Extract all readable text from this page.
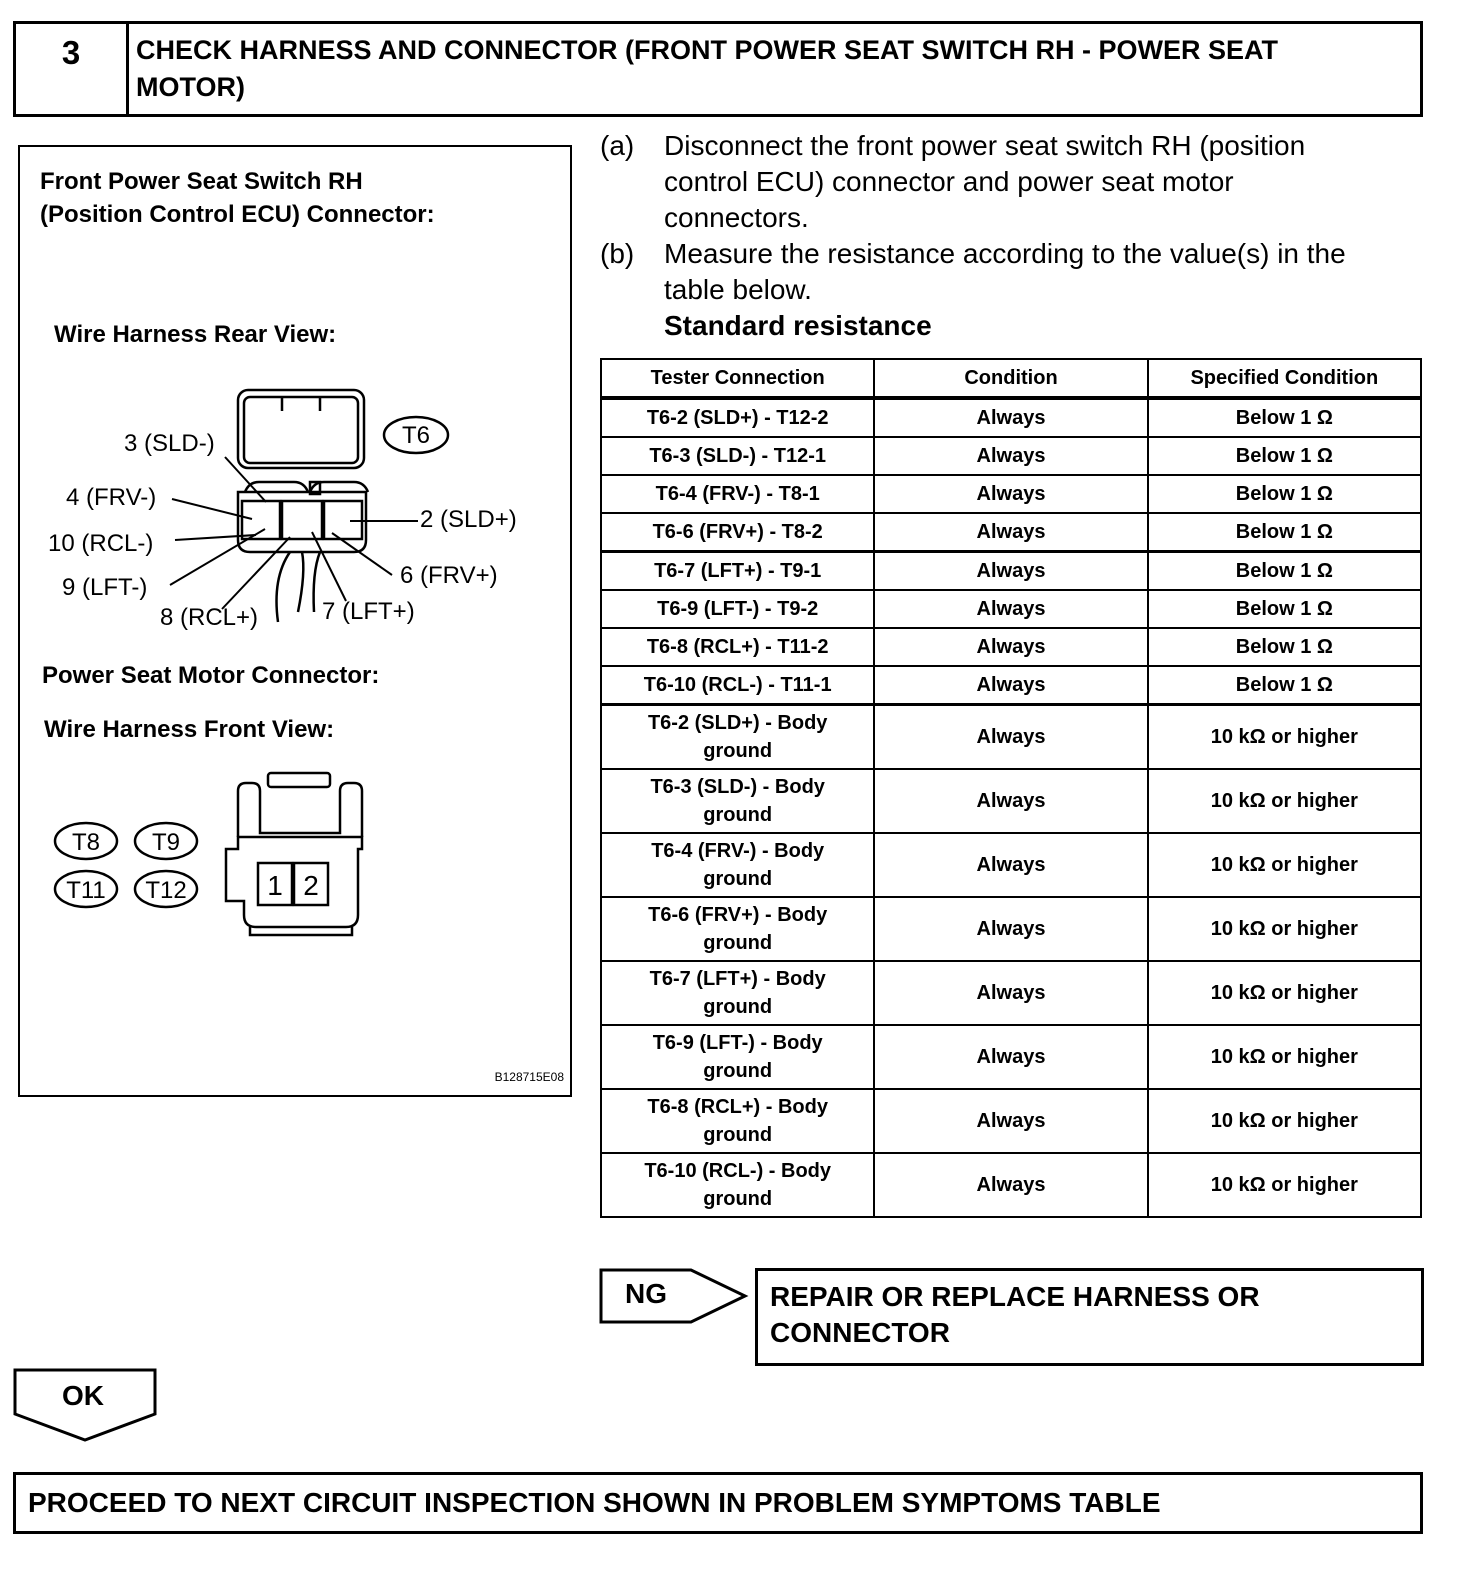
3	CHECK HARNESS AND CONNECTOR (FRONT POWER SEAT SWITCH RH - POWER SEAT
MOTOR)
Front Power Seat Switch RH
(Position Control ECU) Connector:
Wire Harness Rear View:
T6
3 (SLD-)
4 (FRV-)
10 (RCL-)
9 (LFT-)
8 (RCL+)	7 (LFT+)
6 (FRV+)
2 (SLD+)
Power Seat Motor Connector:
Wire Harness Front View:
T8 T9
T11 T12	1 2
B128715E08
(a)	Disconnect the front power seat switch RH (position
control ECU) connector and power seat motor
connectors.
(b)	Measure the resistance according to the value(s) in the
table below.
Standard resistance
Tester Connection	Condition	Specified Condition

T6-2 (SLD+) - T12-2	Always	Below 1 Ω

T6-3 (SLD-) - T12-1	Always	Below 1 Ω

T6-4 (FRV-) - T8-1	Always	Below 1 Ω

T6-6 (FRV+) - T8-2	Always	Below 1 Ω

T6-7 (LFT+) - T9-1	Always	Below 1 Ω

T6-9 (LFT-) - T9-2	Always	Below 1 Ω

T6-8 (RCL+) - T11-2	Always	Below 1 Ω

T6-10 (RCL-) - T11-1	Always	Below 1 Ω

T6-2 (SLD+) - Body
ground	Always	10 kΩ or higher

T6-3 (SLD-) - Body
ground	Always	10 kΩ or higher

T6-4 (FRV-) - Body
ground	Always	10 kΩ or higher

T6-6 (FRV+) - Body
ground	Always	10 kΩ or higher

T6-7 (LFT+) - Body
ground	Always	10 kΩ or higher

T6-9 (LFT-) - Body
ground	Always	10 kΩ or higher

T6-8 (RCL+) - Body
ground	Always	10 kΩ or higher

T6-10 (RCL-) - Body
ground	Always	10 kΩ or higher
NG	REPAIR OR REPLACE HARNESS OR
CONNECTOR
OK
PROCEED TO NEXT CIRCUIT INSPECTION SHOWN IN PROBLEM SYMPTOMS TABLE
